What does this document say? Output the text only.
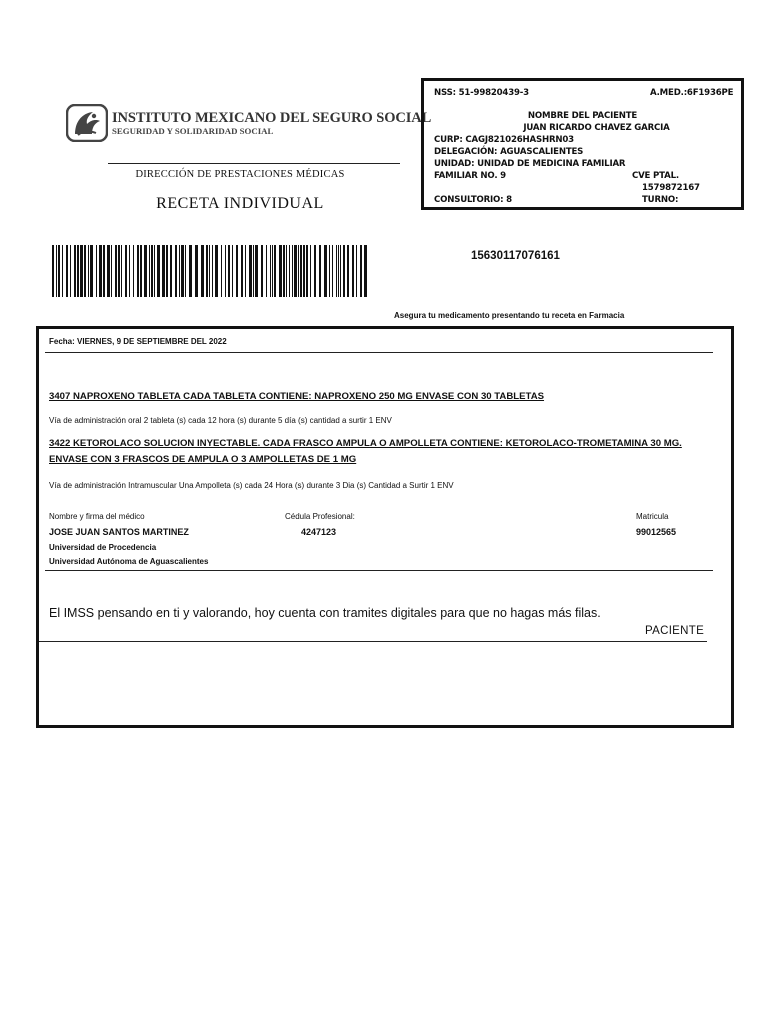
INSTITUTO MEXICANO DEL SEGURO SOCIAL
SEGURIDAD Y SOLIDARIDAD SOCIAL
DIRECCIÓN DE PRESTACIONES MÉDICAS
RECETA INDIVIDUAL
NSS: 51-99820439-3	A.MED.:6F1936PE
NOMBRE DEL PACIENTE
JUAN RICARDO CHAVEZ GARCIA
CURP: CAGJ821026HASHRN03
DELEGACIÓN: AGUASCALIENTES
UNIDAD: UNIDAD DE MEDICINA FAMILIAR
FAMILIAR NO. 9	CVE PTAL.
1579872167
CONSULTORIO: 8	TURNO:
15630117076161
Asegura tu medicamento presentando tu receta en Farmacia
Fecha: VIERNES, 9 DE SEPTIEMBRE DEL 2022
3407 NAPROXENO TABLETA CADA TABLETA CONTIENE: NAPROXENO 250 MG ENVASE CON 30 TABLETAS
Vía de administración oral 2 tableta (s) cada 12 hora (s) durante 5 día (s) cantidad a surtir 1 ENV
3422 KETOROLACO SOLUCION INYECTABLE. CADA FRASCO AMPULA O AMPOLLETA CONTIENE: KETOROLACO-TROMETAMINA 30 MG.
ENVASE CON 3 FRASCOS DE AMPULA O 3 AMPOLLETAS DE 1 MG
Vía de administración Intramuscular Una Ampolleta (s) cada 24 Hora (s) durante 3 Dia (s) Cantidad a Surtir 1 ENV
Nombre y firma del médico	Cédula Profesional:	Matricula
JOSE JUAN SANTOS MARTINEZ	4247123	99012565
Universidad de Procedencia
Universidad Autónoma de Aguascalientes
El IMSS pensando en ti y valorando, hoy cuenta con tramites digitales para que no hagas más filas.
PACIENTE
